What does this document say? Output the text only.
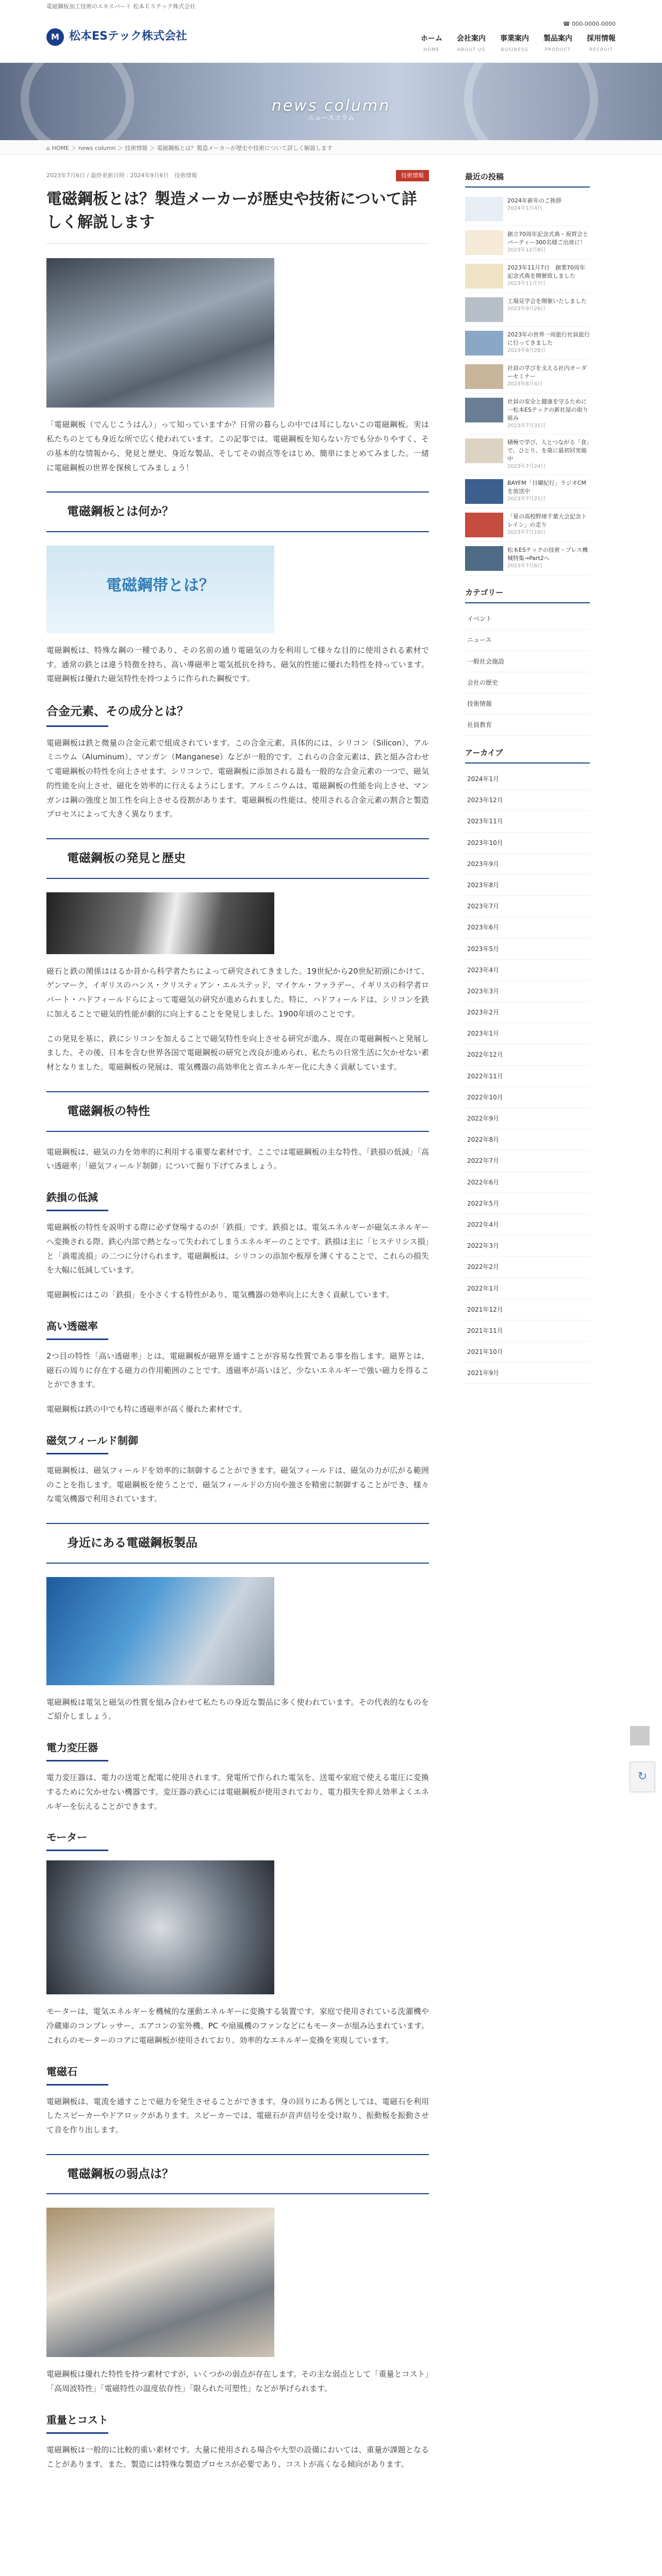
電磁鋼板加工技術のエキスパート 松本ＥＳテック株式会社
M 松本ESテック株式会社
☎ 000-0000-0000
ホーム
HOME
会社案内
ABOUT US
事業案内
BUSINESS
製品案内
PRODUCT
採用情報
RECRUIT
news column
ニュースコラム
⌂ HOME ＞ news column ＞ 技術情報 ＞ 電磁鋼板とは？製造メーカーが歴史や技術について詳しく解説します
2023年7月6日 / 最終更新日時 : 2024年9月6日　技術情報	技術情報
電磁鋼板とは？製造メーカーが歴史や技術について詳しく解説します

「電磁鋼板（でんじこうはん）」って知っていますか？日常の暮らしの中では耳にしないこの電磁鋼板。実は私たちのとても身近な所で広く使われています。この記事では、電磁鋼板を知らない方でも分かりやすく、その基本的な情報から、発見と歴史、身近な製品、そしてその弱点等をはじめ、簡単にまとめてみました。一緒に電磁鋼板の世界を探検してみましょう！

電磁鋼板とは何か？
電磁鋼帯とは？

電磁鋼板は、特殊な鋼の一種であり、その名前の通り電磁気の力を利用して様々な目的に使用される素材です。通常の鉄とは違う特徴を持ち、高い導磁率と電気抵抗を持ち、磁気的性能に優れた特性を持っています。電磁鋼板は優れた磁気特性を持つように作られた鋼板です。

合金元素、その成分とは？

電磁鋼板は鉄と微量の合金元素で組成されています。この合金元素、具体的には、シリコン（Silicon）、アルミニウム（Aluminum）、マンガン（Manganese）などが一般的です。これらの合金元素は、鉄と組み合わせて電磁鋼板の特性を向上させます。シリコンで、電磁鋼板に添加される最も一般的な合金元素の一つで、磁気的性能を向上させ、磁化を効率的に行えるようにします。アルミニウムは、電磁鋼板の性能を向上させ、マンガンは鋼の強度と加工性を向上させる役割があります。電磁鋼板の性能は、使用される合金元素の割合と製造プロセスによって大きく異なります。

電磁鋼板の発見と歴史

磁石と鉄の関係ははるか昔から科学者たちによって研究されてきました。19世紀から20世紀初頭にかけて、ゲンマーク、イギリスのハンス・クリスティアン・エルステッド、マイケル・ファラデー、イギリスの科学者ロバート・ハドフィールドらによって電磁気の研究が進められました。特に、ハドフィールドは、シリコンを鉄に加えることで磁気的性能が劇的に向上することを発見しました。1900年頃のことです。

この発見を基に、鉄にシリコンを加えることで磁気特性を向上させる研究が進み、現在の電磁鋼板へと発展しました。その後、日本を含む世界各国で電磁鋼板の研究と改良が進められ、私たちの日常生活に欠かせない素材となりました。電磁鋼板の発展は、電気機器の高効率化と省エネルギー化に大きく貢献しています。

電磁鋼板の特性

電磁鋼板は、磁気の力を効率的に利用する重要な素材です。ここでは電磁鋼板の主な特性、「鉄損の低減」「高い透磁率」「磁気フィールド制御」について掘り下げてみましょう。

鉄損の低減

電磁鋼板の特性を説明する際に必ず登場するのが「鉄損」です。鉄損とは、電気エネルギーが磁気エネルギーへ変換される際、鉄心内部で熱となって失われてしまうエネルギーのことです。鉄損は主に「ヒステリシス損」と「渦電流損」の二つに分けられます。電磁鋼板は、シリコンの添加や板厚を薄くすることで、これらの損失を大幅に低減しています。

電磁鋼板にはこの「鉄損」を小さくする特性があり、電気機器の効率向上に大きく貢献しています。

高い透磁率

2つ目の特性「高い透磁率」とは、電磁鋼板が磁界を通すことが容易な性質である事を指します。磁界とは、磁石の周りに存在する磁力の作用範囲のことです。透磁率が高いほど、少ないエネルギーで強い磁力を得ることができます。

電磁鋼板は鉄の中でも特に透磁率が高く優れた素材です。

磁気フィールド制御

電磁鋼板は、磁気フィールドを効率的に制御することができます。磁気フィールドは、磁気の力が広がる範囲のことを指します。電磁鋼板を使うことで、磁気フィールドの方向や強さを精密に制御することができ、様々な電気機器で利用されています。

身近にある電磁鋼板製品

電磁鋼板は電気と磁気の性質を組み合わせて私たちの身近な製品に多く使われています。その代表的なものをご紹介しましょう。

電力変圧器

電力変圧器は、電力の送電と配電に使用されます。発電所で作られた電気を、送電や家庭で使える電圧に変換するために欠かせない機器です。変圧器の鉄心には電磁鋼板が使用されており、電力損失を抑え効率よくエネルギーを伝えることができます。

モーター

モーターは、電気エネルギーを機械的な運動エネルギーに変換する装置です。家庭で使用されている洗濯機や冷蔵庫のコンプレッサー、エアコンの室外機、PC や扇風機のファンなどにもモーターが組み込まれています。これらのモーターのコアに電磁鋼板が使用されており、効率的なエネルギー変換を実現しています。

電磁石

電磁鋼板は、電流を通すことで磁力を発生させることができます。身の回りにある例としては、電磁石を利用したスピーカーやドアロックがあります。スピーカーでは、電磁石が音声信号を受け取り、振動板を振動させて音を作り出します。

電磁鋼板の弱点は？

電磁鋼板は優れた特性を持つ素材ですが、いくつかの弱点が存在します。その主な弱点として「重量とコスト」「高周波特性」「電磁特性の温度依存性」「限られた可塑性」などが挙げられます。

重量とコスト

電磁鋼板は一般的に比較的重い素材です。大量に使用される場合や大型の設備においては、重量が課題となることがあります。また、製造には特殊な製造プロセスが必要であり、コストが高くなる傾向があります。

最近の投稿
2024年新年のご挨拶
2024年1月4日
創立70周年記念式典・祝賀会とパーティー300名様ご出席に！
2023年12月8日
2023年11月7日　創業70周年記念式典を開催致しました
2023年11月7日
工場見学会を開催いたしました
2023年9月26日
2023年の世界一周旅行社員旅行に行ってきました
2023年8月28日
社員の学びを支える社内オーダーセミナー
2023年8月4日
社員の安全と健康を守るために一松本ESテックの新社屋の取り組み
2023年7月31日
積極で学び、人とつながる「食」で、ひとり、を第に最初回実施中
2023年7月24日
BAYFM「日曜紀行」ラジオCMを放送中
2023年7月21日
「夏の高校野球千葉大会記念トレイン」の走り
2023年7月10日
松本ESテックの技術・プレス機械特集→Part2へ
2023年7月6日
カテゴリー
イベント
ニュース
一般社会施設
会社の歴史
技術情報
社員教育
アーカイブ
2024年1月
2023年12月
2023年11月
2023年10月
2023年9月
2023年8月
2023年7月
2023年6月
2023年5月
2023年4月
2023年3月
2023年2月
2023年1月
2022年12月
2022年11月
2022年10月
2022年9月
2022年8月
2022年7月
2022年6月
2022年5月
2022年4月
2022年3月
2022年2月
2022年1月
2021年12月
2021年11月
2021年10月
2021年9月
↻
